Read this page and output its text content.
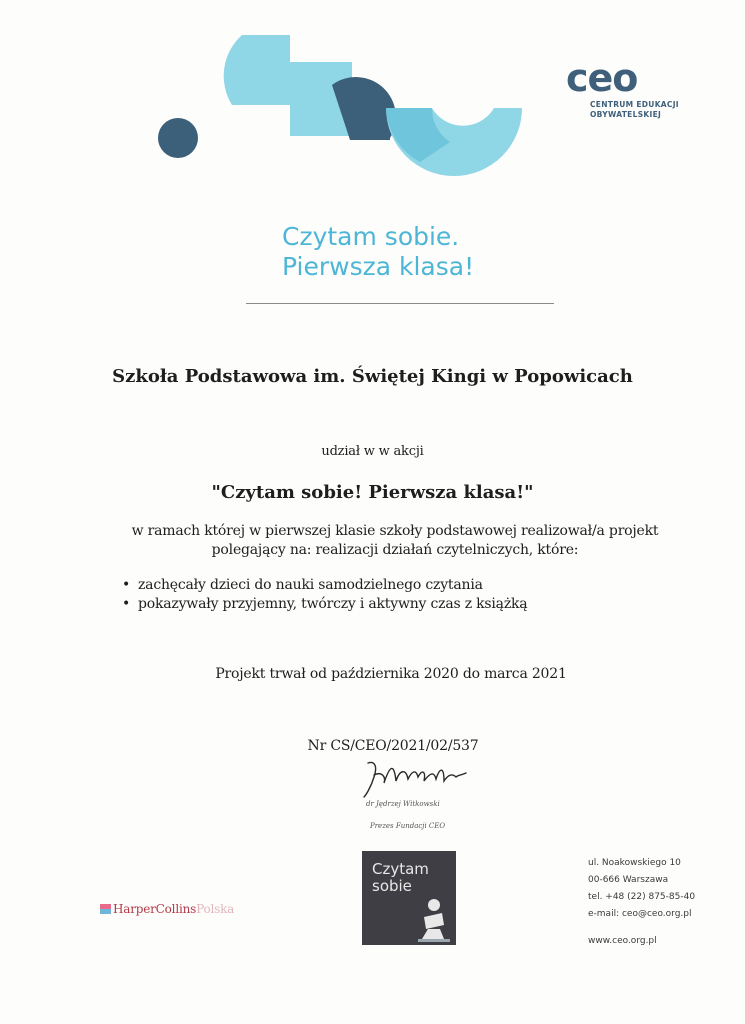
ceo
CENTRUM EDUKACJI
OBYWATELSKIEJ
Czytam sobie.
Pierwsza klasa!
Szkoła Podstawowa im. Świętej Kingi w Popowicach
udział w w akcji
"Czytam sobie! Pierwsza klasa!"
w ramach której w pierwszej klasie szkoły podstawowej realizował/a projekt
polegający na: realizacji działań czytelniczych, które:
• zachęcały dzieci do nauki samodzielnego czytania
• pokazywały przyjemny, twórczy i aktywny czas z książką
Projekt trwał od października 2020 do marca 2021
Nr CS/CEO/2021/02/537
dr Jędrzej Witkowski
Prezes Fundacji CEO
Czytam
sobie
HarperCollinsPolska
ul. Noakowskiego 10
00-666 Warszawa
tel. +48 (22) 875-85-40
e-mail: ceo@ceo.org.pl
www.ceo.org.pl
